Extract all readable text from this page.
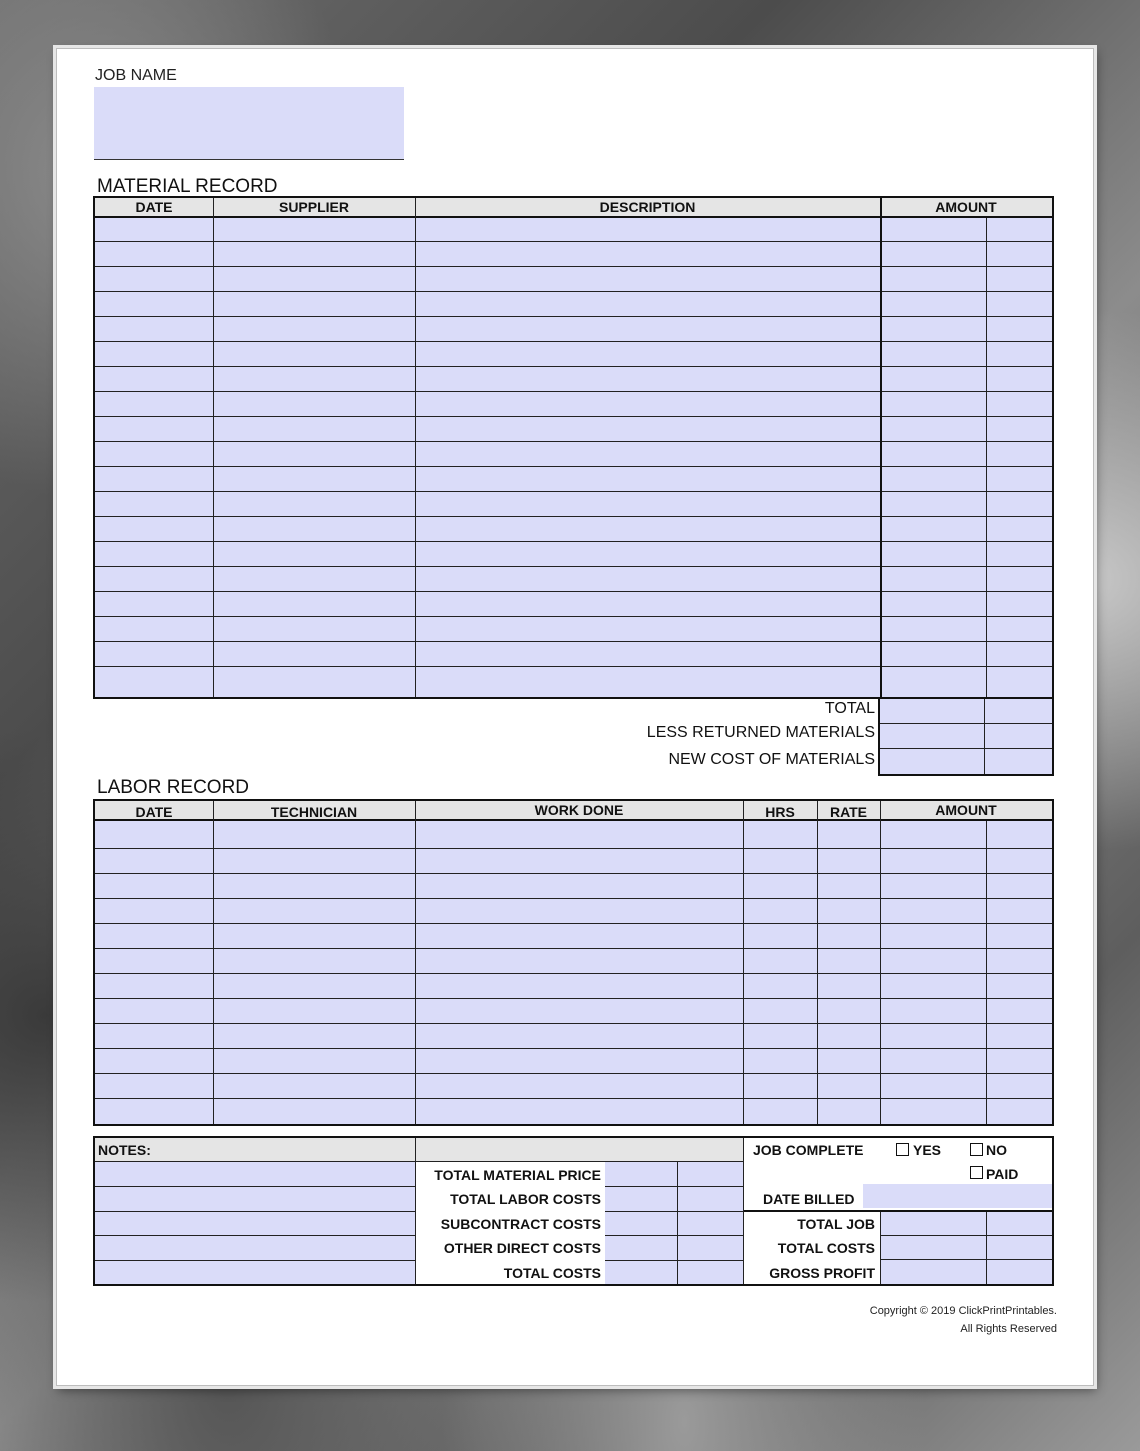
JOB NAME
MATERIAL RECORD
DATE	SUPPLIER	DESCRIPTION	AMOUNT
TOTAL
LESS RETURNED MATERIALS
NEW COST OF MATERIALS
LABOR RECORD
DATE	TECHNICIAN	WORK DONE	HRS	RATE	AMOUNT
NOTES:
TOTAL MATERIAL PRICE
TOTAL LABOR COSTS
SUBCONTRACT COSTS
OTHER DIRECT COSTS
TOTAL COSTS
JOB COMPLETE	YES	NO
PAID
DATE BILLED
TOTAL JOB
TOTAL COSTS
GROSS PROFIT
Copyright © 2019 ClickPrintPrintables.
All Rights Reserved
